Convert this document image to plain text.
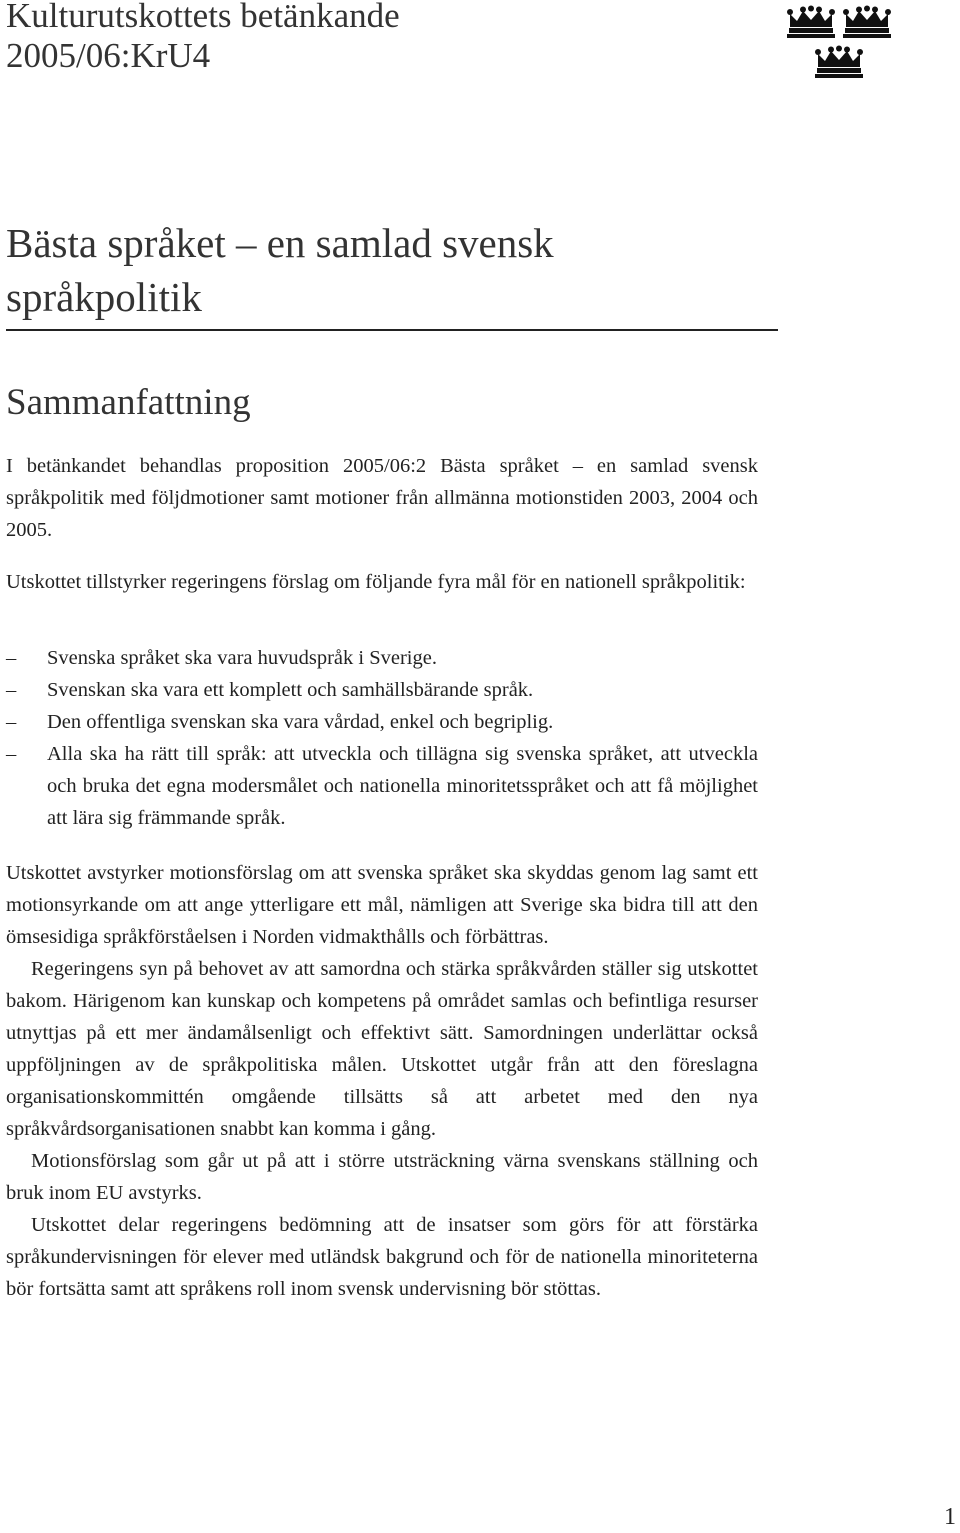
Kulturutskottets betänkande
2005/06:KrU4
Bästa språket – en samlad svensk
språkpolitik
Sammanfattning

I betänkandet behandlas proposition 2005/06:2 Bästa språket – en samlad svensk språkpolitik med följdmotioner samt motioner från allmänna motionstiden 2003, 2004 och 2005.

Utskottet tillstyrker regeringens förslag om följande fyra mål för en nationell språkpolitik:

– Svenska språket ska vara huvudspråk i Sverige.
– Svenskan ska vara ett komplett och samhällsbärande språk.
– Den offentliga svenskan ska vara vårdad, enkel och begriplig.
– Alla ska ha rätt till språk: att utveckla och tillägna sig svenska språket, att utveckla och bruka det egna modersmålet och nationella minoritetsspråket och att få möjlighet att lära sig främmande språk.

Utskottet avstyrker motionsförslag om att svenska språket ska skyddas genom lag samt ett motionsyrkande om att ange ytterligare ett mål, nämligen att Sverige ska bidra till att den ömsesidiga språkförståelsen i Norden vidmakthålls och förbättras.

Regeringens syn på behovet av att samordna och stärka språkvården ställer sig utskottet bakom. Härigenom kan kunskap och kompetens på området samlas och befintliga resurser utnyttjas på ett mer ändamålsenligt och effektivt sätt. Samordningen underlättar också uppföljningen av de språkpolitiska målen. Utskottet utgår från att den föreslagna organisationskommittén omgående tillsätts så att arbetet med den nya språkvårdsorganisationen snabbt kan komma i gång.

Motionsförslag som går ut på att i större utsträckning värna svenskans ställning och bruk inom EU avstyrks.

Utskottet delar regeringens bedömning att de insatser som görs för att förstärka språkundervisningen för elever med utländsk bakgrund och för de nationella minoriteterna bör fortsätta samt att språkens roll inom svensk undervisning bör stöttas.

1
